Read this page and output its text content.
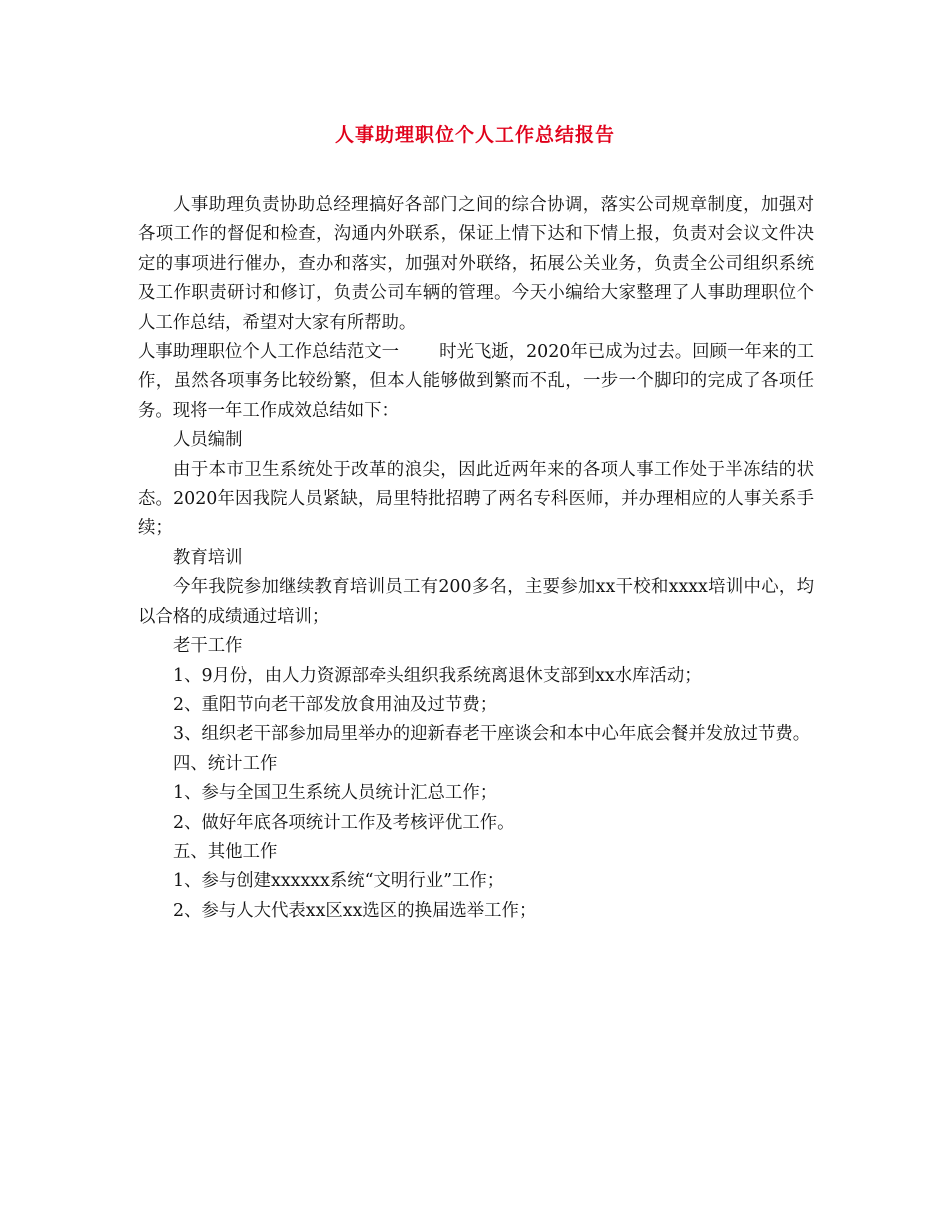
人事助理职位个人工作总结报告

人事助理负责协助总经理搞好各部门之间的综合协调，落实公司规章制度，加强对各项工作的督促和检查，沟通内外联系，保证上情下达和下情上报，负责对会议文件决定的事项进行催办，查办和落实，加强对外联络，拓展公关业务，负责全公司组织系统及工作职责研讨和修订，负责公司车辆的管理。今天小编给大家整理了人事助理职位个人工作总结，希望对大家有所帮助。

人事助理职位个人工作总结范文一 时光飞逝，2020年已成为过去。回顾一年来的工作，虽然各项事务比较纷繁，但本人能够做到繁而不乱，一步一个脚印的完成了各项任务。现将一年工作成效总结如下：

人员编制

由于本市卫生系统处于改革的浪尖，因此近两年来的各项人事工作处于半冻结的状态。2020年因我院人员紧缺，局里特批招聘了两名专科医师，并办理相应的人事关系手续；

教育培训

今年我院参加继续教育培训员工有200多名，主要参加xx干校和xxxx培训中心，均以合格的成绩通过培训；

老干工作

1、9月份，由人力资源部牵头组织我系统离退休支部到xx水库活动；

2、重阳节向老干部发放食用油及过节费；

3、组织老干部参加局里举办的迎新春老干座谈会和本中心年底会餐并发放过节费。

四、统计工作

1、参与全国卫生系统人员统计汇总工作；

2、做好年底各项统计工作及考核评优工作。

五、其他工作

1、参与创建xxxxxx系统“文明行业”工作；

2、参与人大代表xx区xx选区的换届选举工作；
